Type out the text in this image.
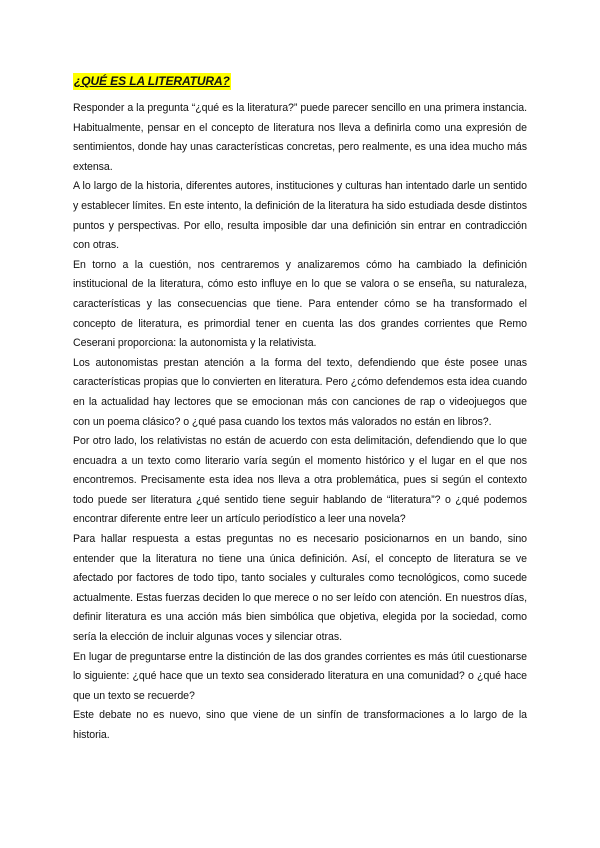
¿QUÉ ES LA LITERATURA?

Responder a la pregunta “¿qué es la literatura?” puede parecer sencillo en una primera instancia. Habitualmente, pensar en el concepto de literatura nos lleva a definirla como una expresión de sentimientos, donde hay unas características concretas, pero realmente, es una idea mucho más extensa.

A lo largo de la historia, diferentes autores, instituciones y culturas han intentado darle un sentido y establecer límites. En este intento, la definición de la literatura ha sido estudiada desde distintos puntos y perspectivas. Por ello, resulta imposible dar una definición sin entrar en contradicción con otras.

En torno a la cuestión, nos centraremos y analizaremos cómo ha cambiado la definición institucional de la literatura, cómo esto influye en lo que se valora o se enseña, su naturaleza, características y las consecuencias que tiene. Para entender cómo se ha transformado el concepto de literatura, es primordial tener en cuenta las dos grandes corrientes que Remo Ceserani proporciona: la autonomista y la relativista.

Los autonomistas prestan atención a la forma del texto, defendiendo que éste posee unas características propias que lo convierten en literatura. Pero ¿cómo defendemos esta idea cuando en la actualidad hay lectores que se emocionan más con canciones de rap o videojuegos que con un poema clásico? o ¿qué pasa cuando los textos más valorados no están en libros?.

Por otro lado, los relativistas no están de acuerdo con esta delimitación, defendiendo que lo que encuadra a un texto como literario varía según el momento histórico y el lugar en el que nos encontremos. Precisamente esta idea nos lleva a otra problemática, pues si según el contexto todo puede ser literatura ¿qué sentido tiene seguir hablando de “literatura”? o ¿qué podemos encontrar diferente entre leer un artículo periodístico a leer una novela?

Para hallar respuesta a estas preguntas no es necesario posicionarnos en un bando, sino entender que la literatura no tiene una única definición. Así, el concepto de literatura se ve afectado por factores de todo tipo, tanto sociales y culturales como tecnológicos, como sucede actualmente. Estas fuerzas deciden lo que merece o no ser leído con atención. En nuestros días, definir literatura es una acción más bien simbólica que objetiva, elegida por la sociedad, como sería la elección de incluir algunas voces y silenciar otras.

En lugar de preguntarse entre la distinción de las dos grandes corrientes es más útil cuestionarse lo siguiente: ¿qué hace que un texto sea considerado literatura en una comunidad? o ¿qué hace que un texto se recuerde?

Este debate no es nuevo, sino que viene de un sinfín de transformaciones a lo largo de la historia.
